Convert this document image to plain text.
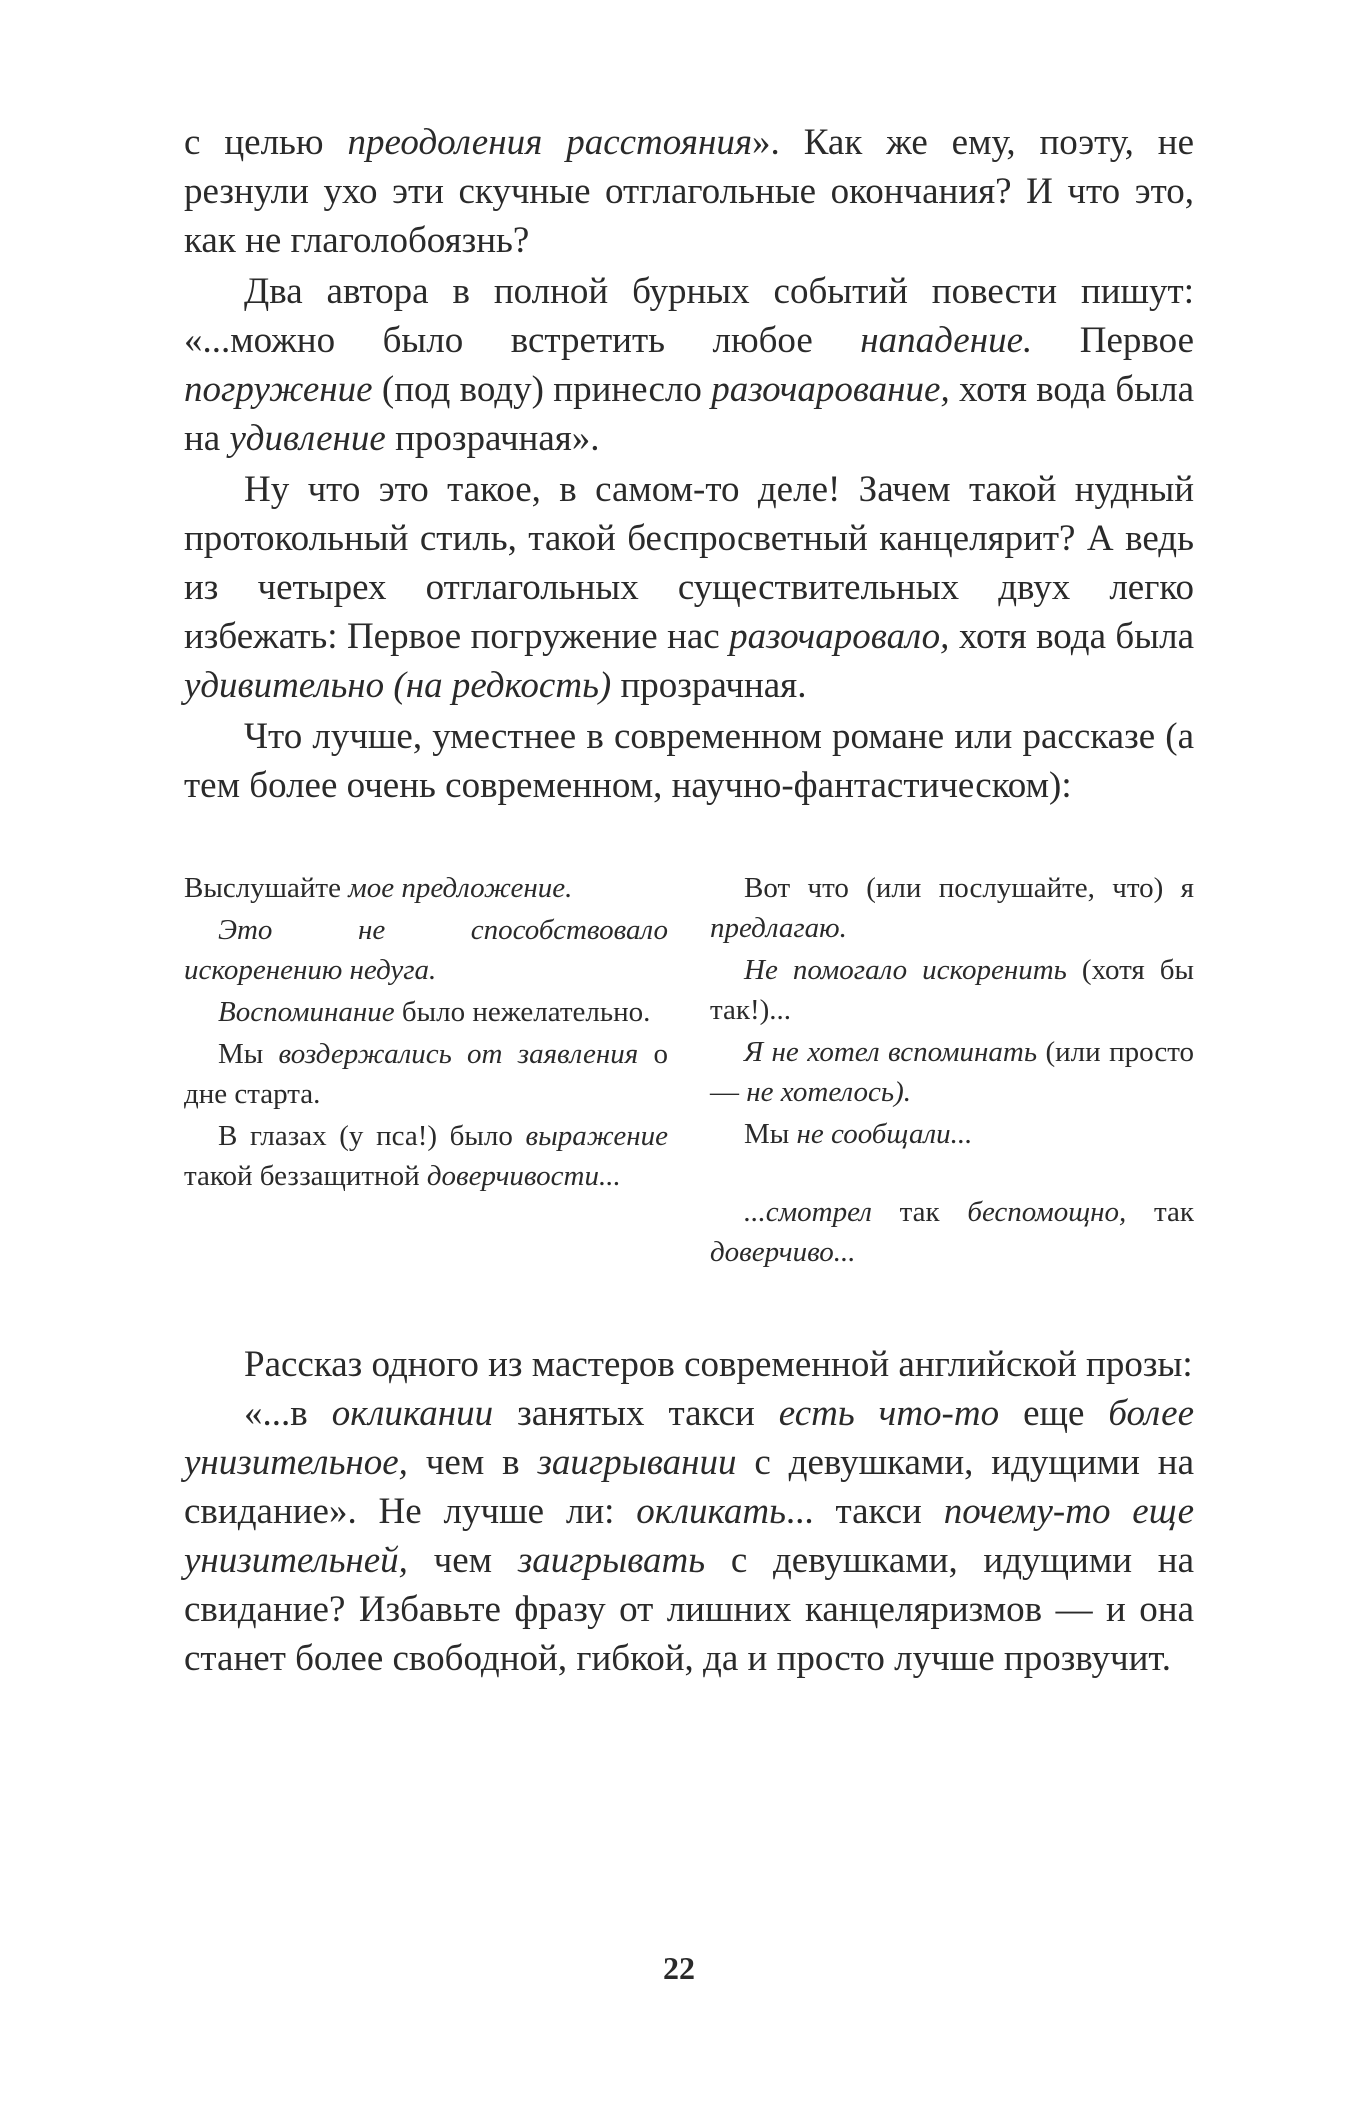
с целью преодоления расстояния». Как же ему, поэту, не резнули ухо эти скучные отглагольные окончания? И что это, как не глаголобоязнь?

Два автора в полной бурных событий повести пишут: «...можно было встретить любое нападение. Первое погружение (под воду) принесло разочарование, хотя вода была на удивление прозрачная».

Ну что это такое, в самом-то деле! Зачем такой нудный протокольный стиль, такой беспросветный канцелярит? А ведь из четырех отглагольных существительных двух легко избежать: Первое погружение нас разочаровало, хотя вода была удивительно (на редкость) прозрачная.

Что лучше, уместнее в современном романе или рассказе (а тем более очень современном, научно-фантастическом):

Выслушайте мое предложение.

Это не способствовало искоренению недуга.

Воспоминание было нежелательно.

Мы воздержались от заявления о дне старта.

В глазах (у пса!) было выражение такой беззащитной доверчивости...

Вот что (или послушайте, что) я предлагаю.

Не помогало искоренить (хотя бы так!)...

Я не хотел вспоминать (или просто — не хотелось).

Мы не сообщали...

...смотрел так беспомощно, так доверчиво...

Рассказ одного из мастеров современной английской прозы:

«...в окликании занятых такси есть что-то еще более унизительное, чем в заигрывании с девушками, идущими на свидание». Не лучше ли: окликать... такси почему-то еще унизительней, чем заигрывать с девушками, идущими на свидание? Избавьте фразу от лишних канцеляризмов — и она станет более свободной, гибкой, да и просто лучше прозвучит.

22
